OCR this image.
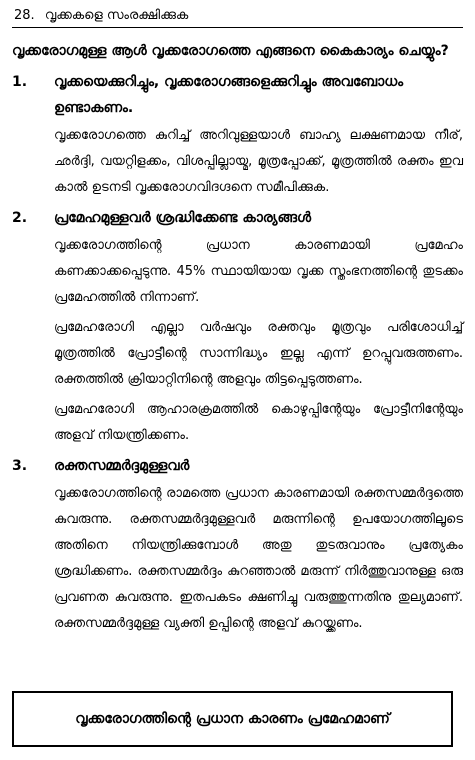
28. വൃക്കകളെ സംരക്ഷിക്കുക
വൃക്കരോഗമുള്ള ആൾ വൃക്കരോഗത്തെ എങ്ങനെ കൈകാര്യം ചെയ്യും?
1.	വൃക്കയെക്കുറിച്ചും, വൃക്കരോഗങ്ങളെക്കുറിച്ചും അവബോധം ഉണ്ടാകണം.

വൃക്കരോഗത്തെ കുറിച്ച് അറിവുള്ളയാൾ ബാഹ്യ ലക്ഷണമായ നീര്, ഛർദ്ദി, വയറ്റിളക്കം, വിശപ്പില്ലായ്മ, മൂത്രപ്പോക്ക്, മൂത്രത്തിൽ രക്തം ഇവ കാൽ ഉടനടി വൃക്കരോഗവിദഗ്ദനെ സമീപിക്കുക.

2.	പ്രമേഹമുള്ളവർ ശ്രദ്ധിക്കേണ്ട കാര്യങ്ങൾ

വൃക്കരോഗത്തിന്റെ പ്രധാന കാരണമായി പ്രമേഹം കണക്കാക്കപ്പെടുന്നു. 45% സ്ഥായിയായ വൃക്ക സ്തംഭനത്തിന്റെ തുടക്കം പ്രമേഹത്തിൽ നിന്നാണ്.

പ്രമേഹരോഗി എല്ലാ വർഷവും രക്തവും മൂത്രവും പരിശോധിച്ച് മൂത്രത്തിൽ പ്രോട്ടീന്റെ സാന്നിദ്ധ്യം ഇല്ല എന്ന് ഉറപ്പുവരുത്തണം. രക്തത്തിൽ ക്രിയാറ്റിനിന്റെ അളവും തിട്ടപ്പെടുത്തണം.

പ്രമേഹരോഗി ആഹാരക്രമത്തിൽ കൊഴുപ്പിന്റേയും പ്രോട്ടീനിന്റേയും അളവ് നിയന്ത്രിക്കണം.

3.	രക്തസമ്മർദ്ദമുള്ളവർ

വൃക്കരോഗത്തിന്റെ രാമത്തെ പ്രധാന കാരണമായി രക്തസമ്മർദ്ദത്തെ കുവരുന്നു. രക്തസമ്മർദ്ദമുള്ളവർ മരുന്നിന്റെ ഉപയോഗത്തിലൂടെ അതിനെ നിയന്ത്രിക്കുമ്പോൾ അതു തുടരുവാനും പ്രത്യേകം ശ്രദ്ധിക്കണം. രക്തസമ്മർദ്ദം കുറഞ്ഞാൽ മരുന്ന് നിർത്തുവാനുള്ള ഒരു പ്രവണത കുവരുന്നു. ഇതപകടം ക്ഷണിച്ചു വരുത്തുന്നതിനു തുല്യമാണ്. രക്തസമ്മർദ്ദമുള്ള വ്യക്തി ഉപ്പിന്റെ അളവ് കുറയ്ക്കണം.

വൃക്കരോഗത്തിന്റെ പ്രധാന കാരണം പ്രമേഹമാണ്
